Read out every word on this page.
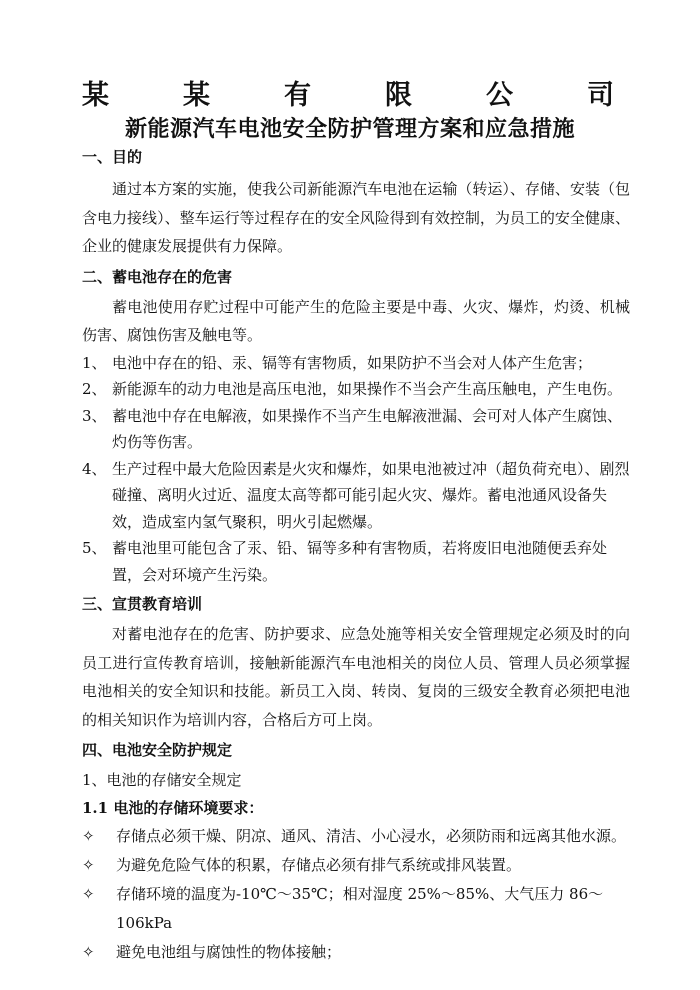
某	某	有	限	公	司
新能源汽车电池安全防护管理方案和应急措施

一、目的

通过本方案的实施，使我公司新能源汽车电池在运输（转运）、存储、安装（包含电力接线）、整车运行等过程存在的安全风险得到有效控制，为员工的安全健康、企业的健康发展提供有力保障。

二、蓄电池存在的危害

蓄电池使用存贮过程中可能产生的危险主要是中毒、火灾、爆炸，灼烫、机械伤害、腐蚀伤害及触电等。

1、 电池中存在的铅、汞、镉等有害物质，如果防护不当会对人体产生危害；
2、 新能源车的动力电池是高压电池，如果操作不当会产生高压触电，产生电伤。
3、 蓄电池中存在电解液，如果操作不当产生电解液泄漏、会可对人体产生腐蚀、灼伤等伤害。
4、 生产过程中最大危险因素是火灾和爆炸，如果电池被过冲（超负荷充电）、剧烈碰撞、离明火过近、温度太高等都可能引起火灾、爆炸。蓄电池通风设备失效，造成室内氢气聚积，明火引起燃爆。
5、 蓄电池里可能包含了汞、铅、镉等多种有害物质，若将废旧电池随便丢弃处置，会对环境产生污染。

三、宣贯教育培训

对蓄电池存在的危害、防护要求、应急处施等相关安全管理规定必须及时的向员工进行宣传教育培训，接触新能源汽车电池相关的岗位人员、管理人员必须掌握电池相关的安全知识和技能。新员工入岗、转岗、复岗的三级安全教育必须把电池的相关知识作为培训内容，合格后方可上岗。

四、电池安全防护规定

1、电池的存储安全规定

1.1 电池的存储环境要求：

✧	存储点必须干燥、阴凉、通风、清洁、小心浸水，必须防雨和远离其他水源。
✧	为避免危险气体的积累，存储点必须有排气系统或排风装置。
✧	存储环境的温度为-10℃～35℃；相对湿度 25%～85%、大气压力 86～106kPa
✧	避免电池组与腐蚀性的物体接触；
